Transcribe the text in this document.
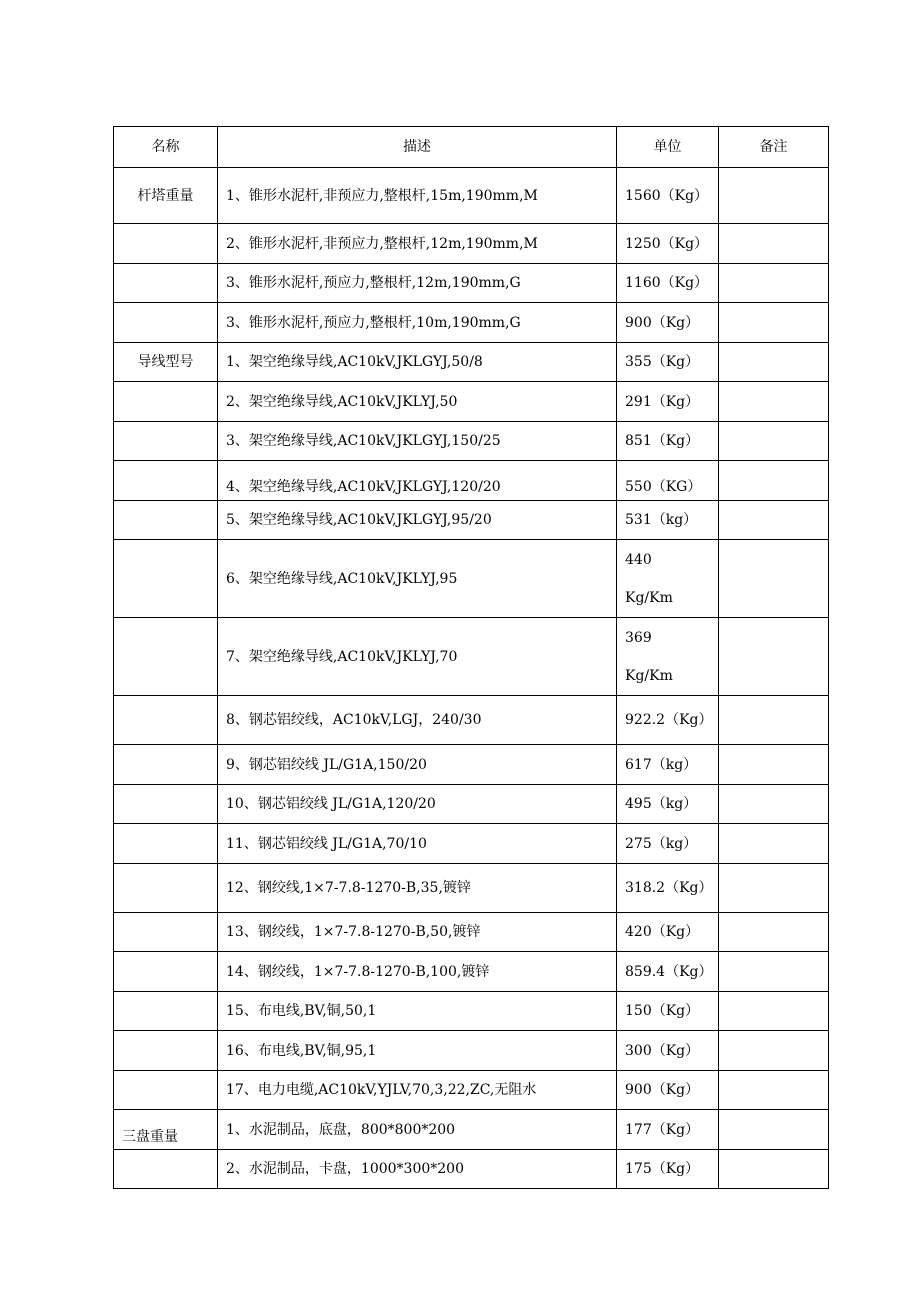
名称	描述	单位	备注
杆塔重量	1、锥形水泥杆,非预应力,整根杆,15m,190mm,M	1560（Kg）	
	2、锥形水泥杆,非预应力,整根杆,12m,190mm,M	1250（Kg）	
	3、锥形水泥杆,预应力,整根杆,12m,190mm,G	1160（Kg）	
	3、锥形水泥杆,预应力,整根杆,10m,190mm,G	900（Kg）	
导线型号	1、架空绝缘导线,AC10kV,JKLGYJ,50/8	355（Kg）	
	2、架空绝缘导线,AC10kV,JKLYJ,50	291（Kg）	
	3、架空绝缘导线,AC10kV,JKLGYJ,150/25	851（Kg）	
	4、架空绝缘导线,AC10kV,JKLGYJ,120/20	550（KG）	
	5、架空绝缘导线,AC10kV,JKLGYJ,95/20	531（kg）	
	6、架空绝缘导线,AC10kV,JKLYJ,95	440
Kg/Km	

	7、架空绝缘导线,AC10kV,JKLYJ,70	369
Kg/Km	

	8、钢芯铝绞线，AC10kV,LGJ，240/30	922.2（Kg）	
	9、钢芯铝绞线 JL/G1A,150/20	617（kg）	
	10、钢芯铝绞线 JL/G1A,120/20	495（kg）	
	11、钢芯铝绞线 JL/G1A,70/10	275（kg）	
	12、钢绞线,1×7-7.8-1270-B,35,镀锌	318.2（Kg）	
	13、钢绞线，1×7-7.8-1270-B,50,镀锌	420（Kg）	
	14、钢绞线，1×7-7.8-1270-B,100,镀锌	859.4（Kg）	
	15、布电线,BV,铜,50,1	150（Kg）	
	16、布电线,BV,铜,95,1	300（Kg）	
	17、电力电缆,AC10kV,YJLV,70,3,22,ZC,无阻水	900（Kg）	
三盘重量	1、水泥制品，底盘，800*800*200	177（Kg）	
	2、水泥制品，卡盘，1000*300*200	175（Kg）	
